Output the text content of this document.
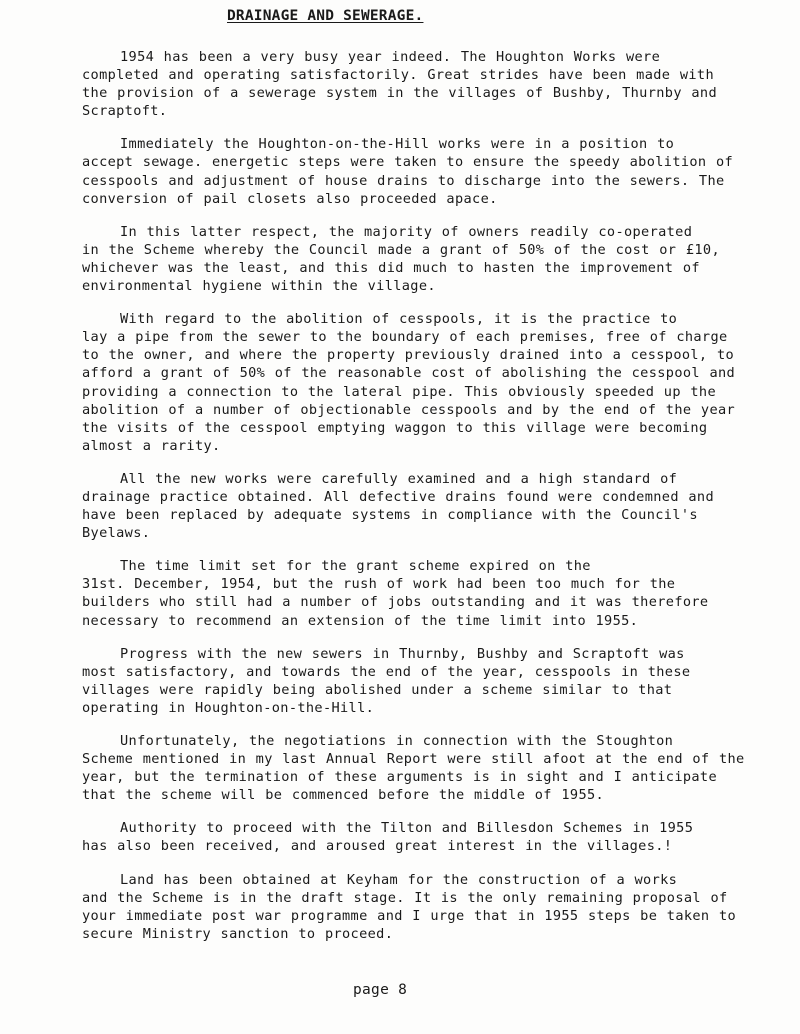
DRAINAGE AND SEWERAGE.

1954 has been a very busy year indeed. The Houghton Works were
completed and operating satisfactorily. Great strides have been made with
the provision of a sewerage system in the villages of Bushby, Thurnby and
Scraptoft.

Immediately the Houghton-on-the-Hill works were in a position to
accept sewage. energetic steps were taken to ensure the speedy abolition of
cesspools and adjustment of house drains to discharge into the sewers. The
conversion of pail closets also proceeded apace.

In this latter respect, the majority of owners readily co-operated
in the Scheme whereby the Council made a grant of 50% of the cost or £10,
whichever was the least, and this did much to hasten the improvement of
environmental hygiene within the village.

With regard to the abolition of cesspools, it is the practice to
lay a pipe from the sewer to the boundary of each premises, free of charge
to the owner, and where the property previously drained into a cesspool, to
afford a grant of 50% of the reasonable cost of abolishing the cesspool and
providing a connection to the lateral pipe. This obviously speeded up the
abolition of a number of objectionable cesspools and by the end of the year
the visits of the cesspool emptying waggon to this village were becoming
almost a rarity.

All the new works were carefully examined and a high standard of
drainage practice obtained. All defective drains found were condemned and
have been replaced by adequate systems in compliance with the Council's
Byelaws.

The time limit set for the grant scheme expired on the
31st. December, 1954, but the rush of work had been too much for the
builders who still had a number of jobs outstanding and it was therefore
necessary to recommend an extension of the time limit into 1955.

Progress with the new sewers in Thurnby, Bushby and Scraptoft was
most satisfactory, and towards the end of the year, cesspools in these
villages were rapidly being abolished under a scheme similar to that
operating in Houghton-on-the-Hill.

Unfortunately, the negotiations in connection with the Stoughton
Scheme mentioned in my last Annual Report were still afoot at the end of the
year, but the termination of these arguments is in sight and I anticipate
that the scheme will be commenced before the middle of 1955.

Authority to proceed with the Tilton and Billesdon Schemes in 1955
has also been received, and aroused great interest in the villages.!

Land has been obtained at Keyham for the construction of a works
and the Scheme is in the draft stage. It is the only remaining proposal of
your immediate post war programme and I urge that in 1955 steps be taken to
secure Ministry sanction to proceed.

page 8
